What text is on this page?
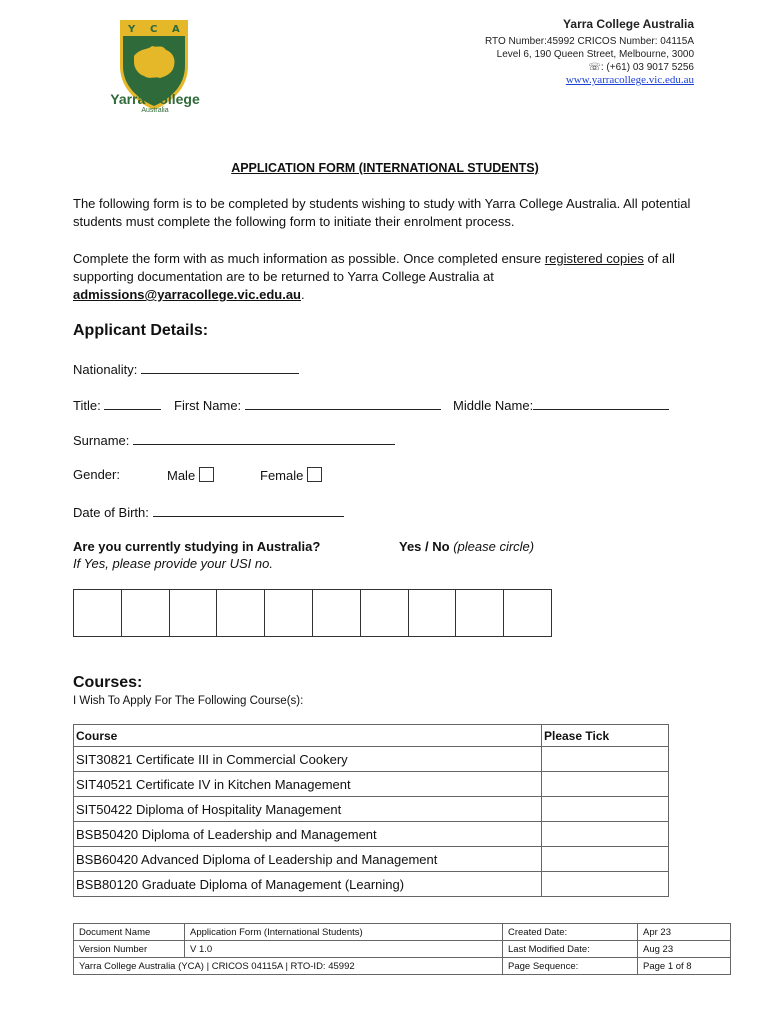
Y C A
Yarra College
Australia
Yarra College Australia
RTO Number:45992 CRICOS Number: 04115A
Level 6, 190 Queen Street, Melbourne, 3000
☏: (+61) 03 9017 5256
www.yarracollege.vic.edu.au
APPLICATION FORM (INTERNATIONAL STUDENTS)
The following form is to be completed by students wishing to study with Yarra College Australia. All potential students must complete the following form to initiate their enrolment process.
Complete the form with as much information as possible. Once completed ensure registered copies of all supporting documentation are to be returned to Yarra College Australia at admissions@yarracollege.vic.edu.au.
Applicant Details:
Nationality:
Title:	First Name:	Middle Name:
Surname:
Gender:	Male	Female
Date of Birth:
Are you currently studying in Australia?	Yes / No (please circle)
If Yes, please provide your USI no.
Courses:
I Wish To Apply For The Following Course(s):
Course	Please Tick
SIT30821 Certificate III in Commercial Cookery	
SIT40521 Certificate IV in Kitchen Management	
SIT50422 Diploma of Hospitality Management	
BSB50420 Diploma of Leadership and Management	
BSB60420 Advanced Diploma of Leadership and Management	
BSB80120 Graduate Diploma of Management (Learning)	
Document Name	Application Form (International Students)	Created Date:	Apr 23
Version Number	V 1.0	Last Modified Date:	Aug 23
Yarra College Australia (YCA) | CRICOS 04115A | RTO-ID: 45992		Page Sequence:	Page 1 of 8
